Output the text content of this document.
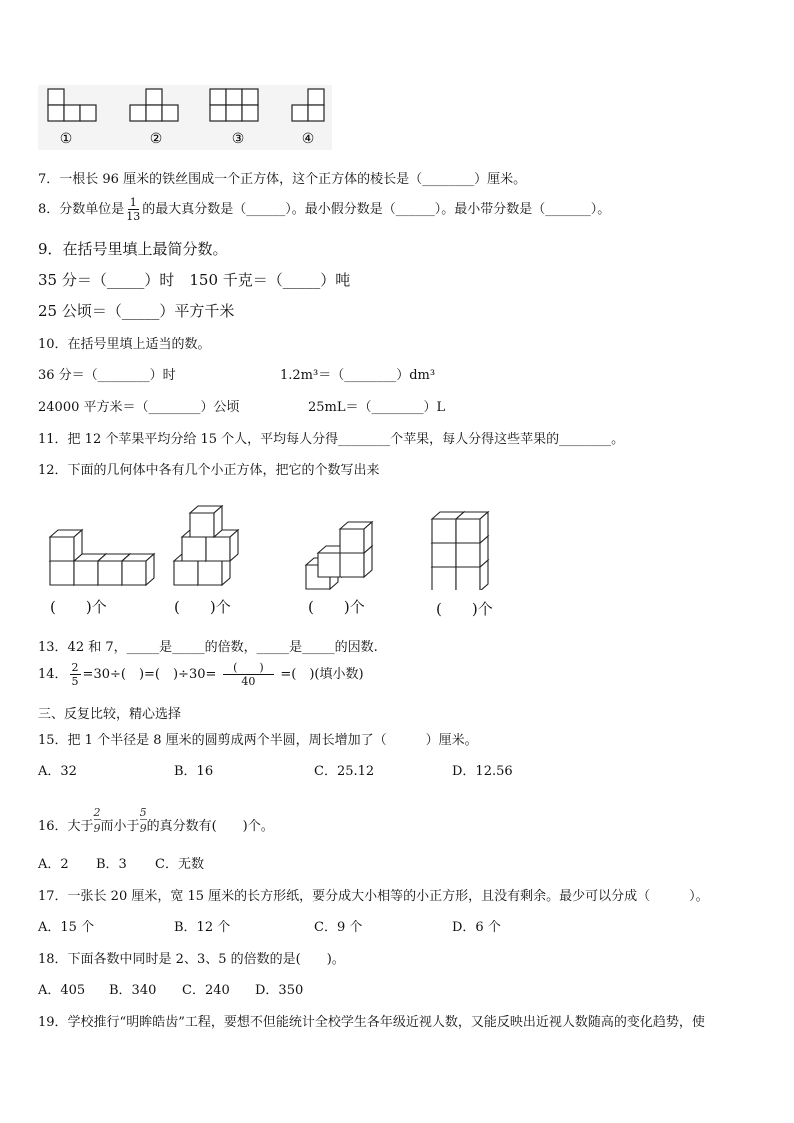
①	②	③	④
7．一根长 96 厘米的铁丝围成一个正方体，这个正方体的棱长是（________）厘米。
8．分数单位是 $\frac{1}{13}$ 的最大真分数是（______）。最小假分数是（______）。最小带分数是（_______）。
9．在括号里填上最简分数。
35 分＝（_____）时　150 千克＝（_____）吨
25 公顷＝（_____）平方千米
10．在括号里填上适当的数。
36 分＝（________）时	1.2m³＝（________）dm³
24000 平方米＝（________）公顷	25mL＝（________）L
11．把 12 个苹果平均分给 15 个人，平均每人分得________个苹果，每人分得这些苹果的________。
12．下面的几何体中各有几个小正方体，把它的个数写出来
(　　)个	(　　)个	(　　)个	(　　)个
13．42 和 7，_____是_____的倍数，_____是_____的因数.
14． $\frac{2}{5} =30\div$(　)=(　)$\div 30= \frac{( )}{40}$ =(　)(填小数)
三、反复比较，精心选择
15．把 1 个半径是 8 厘米的圆剪成两个半圆，周长增加了（　　　）厘米。
A．32	B．16	C．25.12	D．12.56
16．大于 $\frac{2}{9}$ 而小于 $\frac{5}{9}$ 的真分数有(　　)个。
A．2 B．3 C．无数
17．一张长 20 厘米，宽 15 厘米的长方形纸，要分成大小相等的小正方形，且没有剩余。最少可以分成（　　　）。
A．15 个	B．12 个	C．9 个	D．6 个
18．下面各数中同时是 2、3、5 的倍数的是(　　)。
A．405 B．340 C．240 D．350
19．学校推行“明眸皓齿”工程，要想不但能统计全校学生各年级近视人数，又能反映出近视人数随高的变化趋势，使
